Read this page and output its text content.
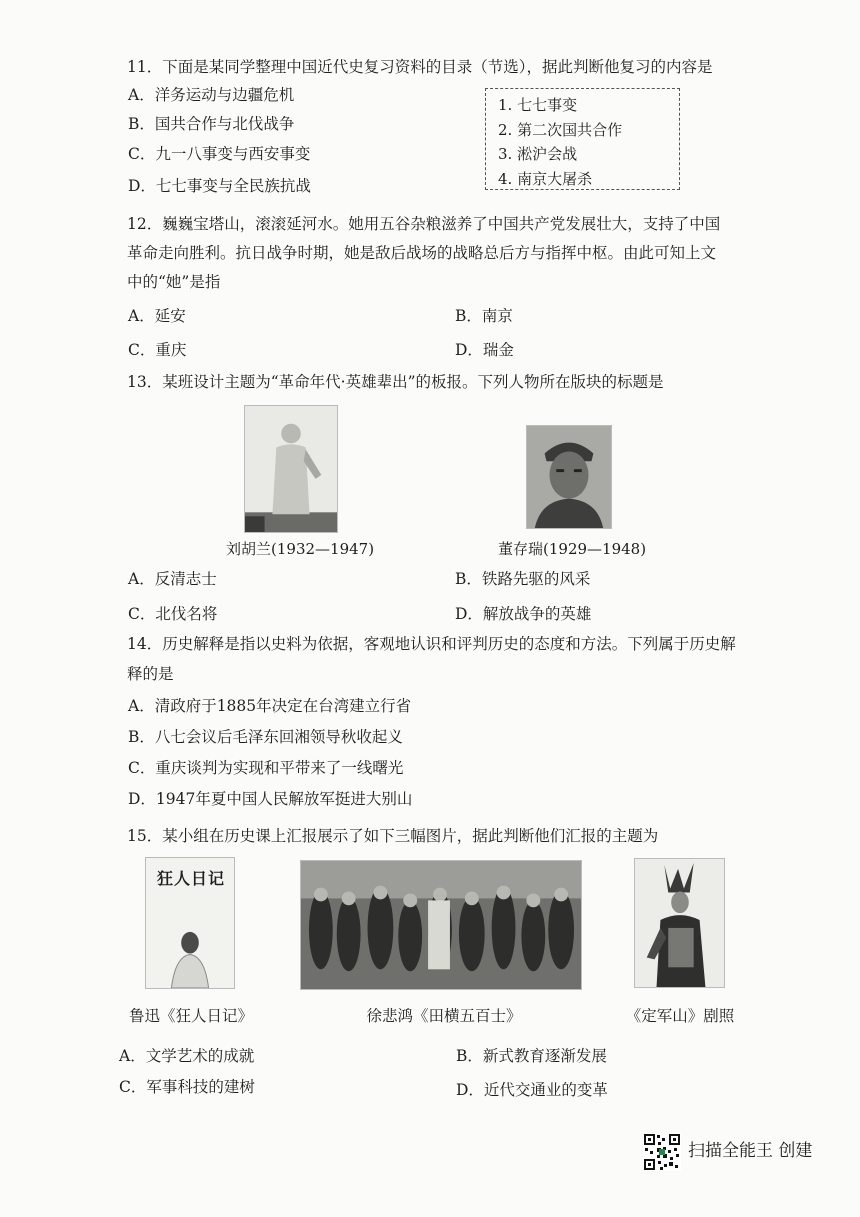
11．下面是某同学整理中国近代史复习资料的目录（节选），据此判断他复习的内容是
A．洋务运动与边疆危机
B．国共合作与北伐战争
C．九一八事变与西安事变
D．七七事变与全民族抗战
1. 七七事变
2. 第二次国共合作
3. 淞沪会战
4. 南京大屠杀
12．巍巍宝塔山，滚滚延河水。她用五谷杂粮滋养了中国共产党发展壮大，支持了中国
革命走向胜利。抗日战争时期，她是敌后战场的战略总后方与指挥中枢。由此可知上文
中的“她”是指
A．延安	B．南京
C．重庆	D．瑞金
13．某班设计主题为“革命年代·英雄辈出”的板报。下列人物所在版块的标题是
刘胡兰(1932—1947)	董存瑞(1929—1948)
A．反清志士	B．铁路先驱的风采
C．北伐名将	D．解放战争的英雄
14．历史解释是指以史料为依据，客观地认识和评判历史的态度和方法。下列属于历史解
释的是
A．清政府于1885年决定在台湾建立行省
B．八七会议后毛泽东回湘领导秋收起义
C．重庆谈判为实现和平带来了一线曙光
D．1947年夏中国人民解放军挺进大别山
15．某小组在历史课上汇报展示了如下三幅图片，据此判断他们汇报的主题为
狂人日记
鲁迅《狂人日记》	徐悲鸿《田横五百士》	《定军山》剧照
A．文学艺术的成就	B．新式教育逐渐发展
C．军事科技的建树	D．近代交通业的变革
扫描全能王 创建
